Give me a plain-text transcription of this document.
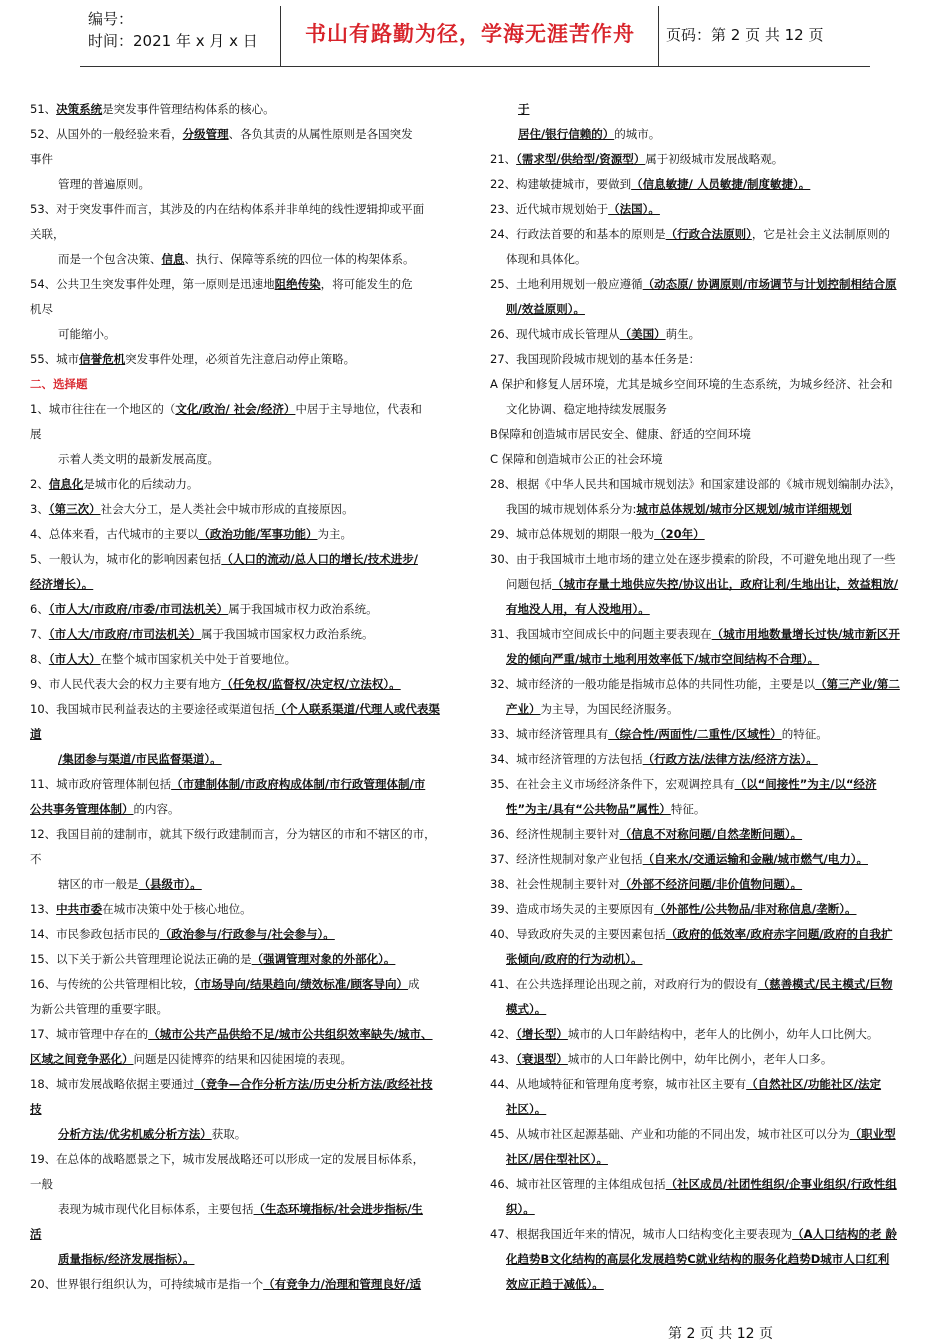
编号：
时间：2021 年 x 月 x 日	书山有路勤为径，学海无涯苦作舟	页码：第 2 页 共 12 页
51、决策系统是突发事件管理结构体系的核心。
52、从国外的一般经验来看，分级管理、各负其责的从属性原则是各国突发
事件
管理的普遍原则。
53、对于突发事件而言，其涉及的内在结构体系并非单纯的线性逻辑抑或平面
关联，
而是一个包含决策、信息、执行、保障等系统的四位一体的构架体系。
54、公共卫生突发事件处理，第一原则是迅速地阻绝传染，将可能发生的危
机尽
可能缩小。
55、城市信誉危机突发事件处理，必须首先注意启动停止策略。
二、选择题
1、城市往往在一个地区的（文化/政治/ 社会/经济）中居于主导地位，代表和
展
示着人类文明的最新发展高度。
2、信息化是城市化的后续动力。
3、（第三次）社会大分工，是人类社会中城市形成的直接原因。
4、总体来看，古代城市的主要以（政治功能/军事功能）为主。
5、一般认为，城市化的影响因素包括（人口的流动/总人口的增长/技术进步/
经济增长）。
6、（市人大/市政府/市委/市司法机关）属于我国城市权力政治系统。
7、（市人大/市政府/市司法机关）属于我国城市国家权力政治系统。
8、（市人大）在整个城市国家机关中处于首要地位。
9、市人民代表大会的权力主要有地方（任免权/监督权/决定权/立法权）。
10、我国城市民利益表达的主要途径或渠道包括（个人联系渠道/代理人或代表渠
道
/集团参与渠道/市民监督渠道）。
11、城市政府管理体制包括（市建制体制/市政府构成体制/市行政管理体制/市
公共事务管理体制）的内容。
12、我国目前的建制市，就其下级行政建制而言，分为辖区的市和不辖区的市，
不
辖区的市一般是（县级市）。
13、中共市委在城市决策中处于核心地位。
14、市民参政包括市民的（政治参与/行政参与/社会参与）。
15、以下关于新公共管理理论说法正确的是（强调管理对象的外部化）。
16、与传统的公共管理相比较，（市场导向/结果趋向/绩效标准/顾客导向）成
为新公共管理的重要字眼。
17、城市管理中存在的（城市公共产品供给不足/城市公共组织效率缺失/城市、
区域之间竞争恶化）问题是囚徒博弈的结果和囚徒困境的表现。
18、城市发展战略依据主要通过（竞争—合作分析方法/历史分析方法/政经社技
技
分析方法/优劣机威分析方法）获取。
19、在总体的战略愿景之下，城市发展战略还可以形成一定的发展目标体系，
一般
表现为城市现代化目标体系，主要包括（生态环境指标/社会进步指标/生
活
质量指标/经济发展指标）。
20、世界银行组织认为，可持续城市是指一个（有竞争力/治理和管理良好/适
于
居住/银行信赖的）的城市。
21、（需求型/供给型/资源型）属于初级城市发展战略观。
22、构建敏捷城市，要做到（信息敏捷/ 人员敏捷/制度敏捷）。
23、近代城市规划始于（法国）。
24、行政法首要的和基本的原则是（行政合法原则），它是社会主义法制原则的
体现和具体化。
25、土地利用规划一般应遵循（动态原/ 协调原则/市场调节与计划控制相结合原
则/效益原则）。
26、现代城市成长管理从（美国）萌生。
27、我国现阶段城市规划的基本任务是：
A 保护和修复人居环境，尤其是城乡空间环境的生态系统，为城乡经济、社会和
文化协调、稳定地持续发展服务
B保障和创造城市居民安全、健康、舒适的空间环境
C 保障和创造城市公正的社会环境
28、根据《中华人民共和国城市规划法》和国家建设部的《城市规划编制办法》，
我国的城市规划体系分为:城市总体规划/城市分区规划/城市详细规划
29、城市总体规划的期限一般为（20年）
30、由于我国城市土地市场的建立处在逐步摸索的阶段，不可避免地出现了一些
问题包括（城市存量土地供应失控/协议出让，政府让利/生地出让，效益粗放/
有地没人用，有人没地用）。
31、我国城市空间成长中的问题主要表现在（城市用地数量增长过快/城市新区开
发的倾向严重/城市土地利用效率低下/城市空间结构不合理）。
32、城市经济的一般功能是指城市总体的共同性功能，主要是以（第三产业/第二
产业）为主导，为国民经济服务。
33、城市经济管理具有（综合性/两面性/二重性/区域性）的特征。
34、城市经济管理的方法包括（行政方法/法律方法/经济方法）。
35、在社会主义市场经济条件下，宏观调控具有（以“间接性”为主/以“经济
性”为主/具有“公共物品”属性）特征。
36、经济性规制主要针对（信息不对称问题/自然垄断问题）。
37、经济性规制对象产业包括（自来水/交通运输和金融/城市燃气/电力）。
38、社会性规制主要针对（外部不经济问题/非价值物问题）。
39、造成市场失灵的主要原因有（外部性/公共物品/非对称信息/垄断）。
40、导致政府失灵的主要因素包括（政府的低效率/政府赤字问题/政府的自我扩
张倾向/政府的行为动机）。
41、在公共选择理论出现之前，对政府行为的假设有（慈善模式/民主模式/巨物
模式）。
42、（增长型）城市的人口年龄结构中，老年人的比例小，幼年人口比例大。
43、（衰退型）城市的人口年龄比例中，幼年比例小，老年人口多。
44、从地域特征和管理角度考察，城市社区主要有（自然社区/功能社区/法定
社区）。
45、从城市社区起源基础、产业和功能的不同出发，城市社区可以分为（职业型
社区/居住型社区）。
46、城市社区管理的主体组成包括（社区成员/社团性组织/企事业组织/行政性组
织）。
47、根据我国近年来的情况，城市人口结构变化主要表现为（A人口结构的老 龄
化趋势B文化结构的高层化发展趋势C就业结构的服务化趋势D城市人口红利
效应正趋于减低）。
第 2 页 共 12 页
